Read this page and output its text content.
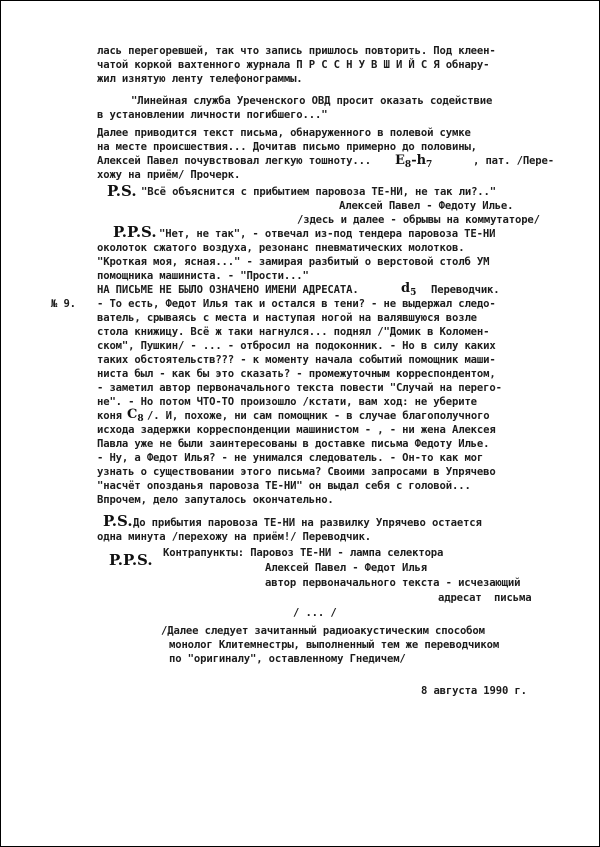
лась перегоревшей, так что запись пришлось повторить. Под клеен-
чатой коркой вахтенного журнала П Р С С Н У В Ш И Й С Я обнару-
жил изнятую ленту телефонограммы.
"Линейная служба Уреченского ОВД просит оказать содействие
в установлении личности погибшего..."
Далее приводится текст письма, обнаруженного в полевой сумке
на месте происшествия... Дочитав письмо примерно до половины,
Алексей Павел почувствовал легкую тошноту... $E_8-h_7$	, пат. /Пере-
хожу на приём/ Прочерк.
P.S. "Всё объяснится с прибытием паровоза ТЕ-НИ, не так ли?.."
Алексей Павел - Федоту Илье.
/здесь и далее - обрывы на коммутаторе/
P.P.S. "Нет, не так", - отвечал из-под тендера паровоза ТЕ-НИ
околоток сжатого воздуха, резонанс пневматических молотков.
"Кроткая моя, ясная..." - замирая разбитый о верстовой столб УМ
помощника машиниста. - "Прости..."
НА ПИСЬМЕ НЕ БЫЛО ОЗНАЧЕНО ИМЕНИ АДРЕСАТА.	$d_5$ Переводчик.
№ 9. - То есть, Федот Илья так и остался в тени? - не выдержал следо-
ватель, срываясь с места и наступая ногой на валявшуюся возле
стола книжицу. Всё ж таки нагнулся... поднял /"Домик в Коломен-
ском", Пушкин/ - ... - отбросил на подоконник. - Но в силу каких
таких обстоятельств??? - к моменту начала событий помощник маши-
ниста был - как бы это сказать? - промежуточным корреспондентом,
- заметил автор первоначального текста повести "Случай на перего-
не". - Но потом ЧТО-ТО произошло /кстати, вам ход: не уберите
коня $C_8$ /. И, похоже, ни сам помощник - в случае благополучного
исхода задержки корреспонденции машинистом - , - ни жена Алексея
Павла уже не были заинтересованы в доставке письма Федоту Илье.
- Ну, а Федот Илья? - не унимался следователь. - Он-то как мог
узнать о существовании этого письма? Своими запросами в Упрячево
"насчёт опозданья паровоза ТЕ-НИ" он выдал себя с головой...
Впрочем, дело запуталось окончательно.
P.S. До прибытия паровоза ТЕ-НИ на развилку Упрячево остается
одна минута /перехожу на приём!/ Переводчик.
P.P.S. Контрапункты: Паровоз ТЕ-НИ - лампа селектора
Алексей Павел - Федот Илья
автор первоначального текста - исчезающий
адресат  письма
/ ... /
/Далее следует зачитанный радиоакустическим способом
монолог Клитемнестры, выполненный тем же переводчиком
по "оригиналу", оставленному Гнедичем/
8 августа 1990 г.
